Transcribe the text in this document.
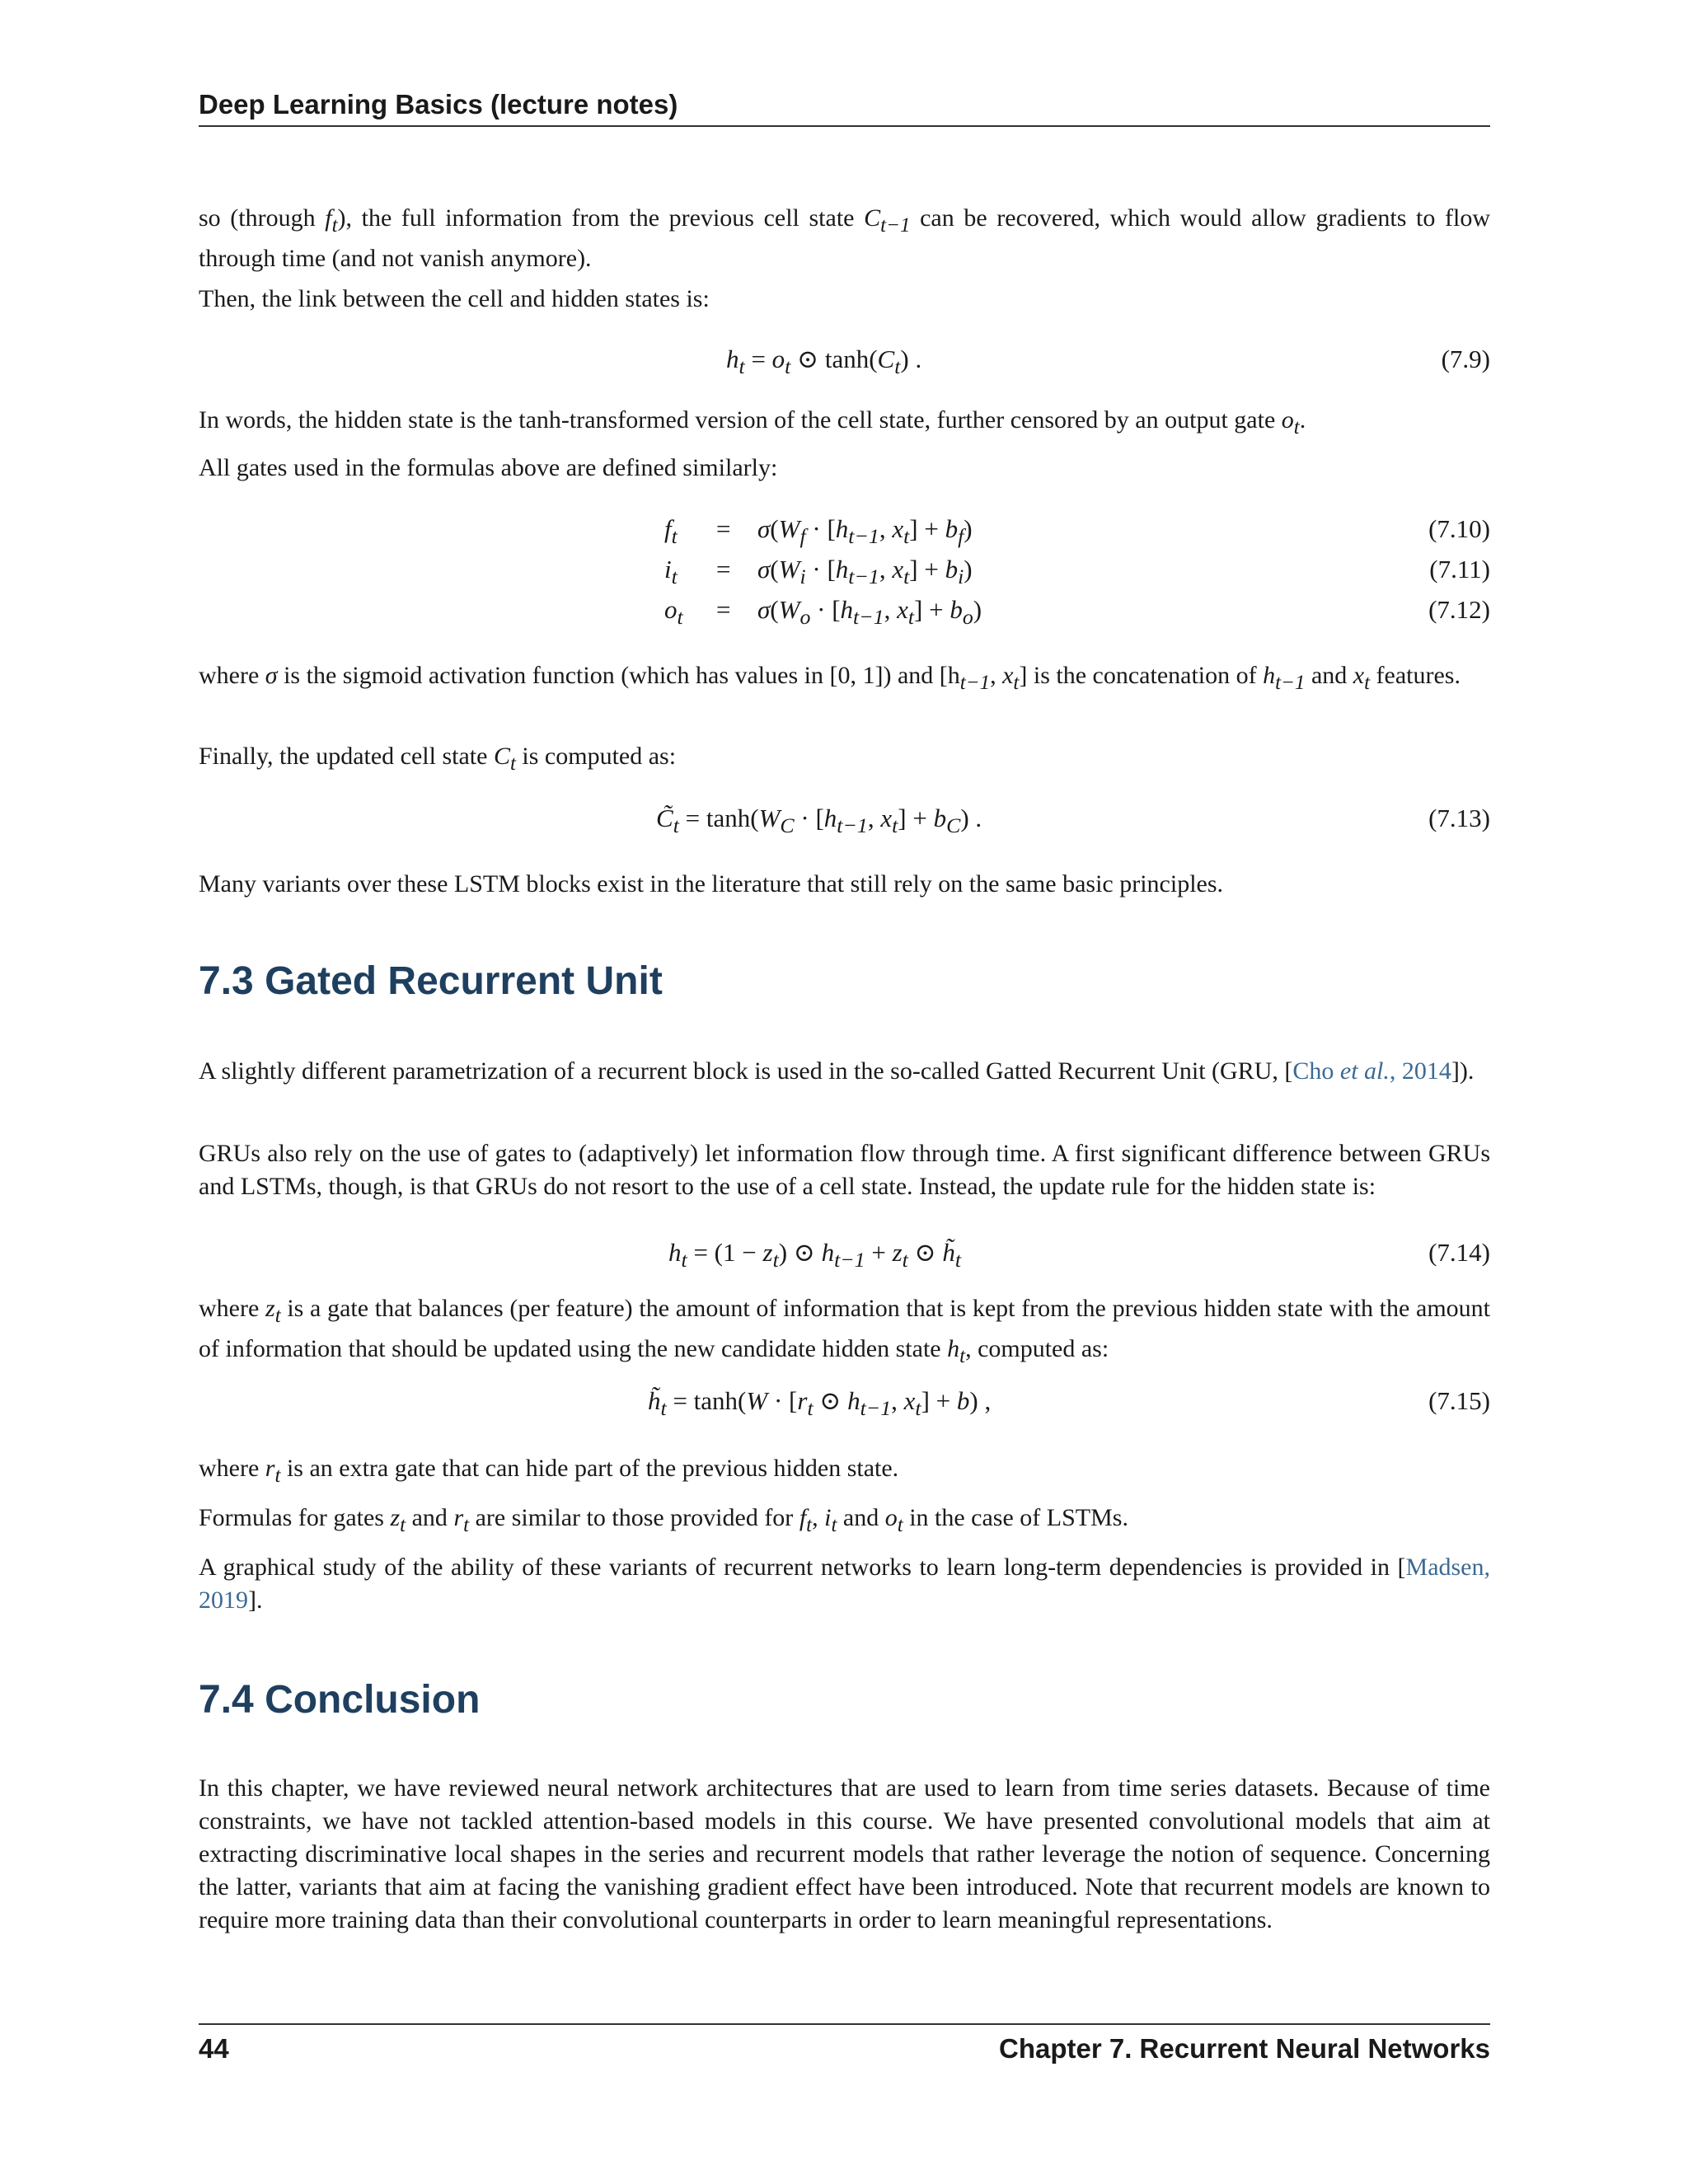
Deep Learning Basics (lecture notes)
so (through $f_t$), the full information from the previous cell state $C_{t-1}$ can be recovered, which would allow gradients to flow through time (and not vanish anymore).
Then, the link between the cell and hidden states is:
$h_t = o_t$ ⊙ $\tanh(C_t)$ .	(7.9)
In words, the hidden state is the tanh-transformed version of the cell state, further censored by an output gate $o_t$.
All gates used in the formulas above are defined similarly:
$f_t = \sigma(W_f \cdot [h_{t-1}$, $x_t] + b_f$)	(7.10)
$i_t = \sigma(W_i \cdot [h_{t-1}$, $x_t] + b_i$)	(7.11)
$o_t = \sigma(W_o \cdot [h_{t-1}$, $x_t] + b_o$)	(7.12)
where σ is the sigmoid activation function (which has values in [0, 1]) and [$h_{t-1}$, $x_t$] is the concatenation of $h_{t-1}$ and $x_t$ features.
Finally, the updated cell state $C_t$ is computed as:
$C̃_t = \tanh(W_C \cdot [h_{t-1}$, $x_t] + b_C$) .	(7.13)
Many variants over these LSTM blocks exist in the literature that still rely on the same basic principles.
7.3 Gated Recurrent Unit
A slightly different parametrization of a recurrent block is used in the so-called Gatted Recurrent Unit (GRU, [Cho et al., 2014]).
GRUs also rely on the use of gates to (adaptively) let information flow through time. A first significant difference between GRUs and LSTMs, though, is that GRUs do not resort to the use of a cell state. Instead, the update rule for the hidden state is:
$h_t = (1 - z_t)$ ⊙ $h_{t-1} + z_t$ ⊙ $h̃_t$	(7.14)
where $z_t$ is a gate that balances (per feature) the amount of information that is kept from the previous hidden state with the amount of information that should be updated using the new candidate hidden state $h_t$, computed as:
$h̃_t = \tanh(W \cdot [r_t$ ⊙ $h_{t-1}$, $x_t] + b$) ,	(7.15)
where $r_t$ is an extra gate that can hide part of the previous hidden state.
Formulas for gates $z_t$ and $r_t$ are similar to those provided for $f_t$, $i_t$ and $o_t$ in the case of LSTMs.
A graphical study of the ability of these variants of recurrent networks to learn long-term dependencies is provided in [Madsen, 2019].
7.4 Conclusion
In this chapter, we have reviewed neural network architectures that are used to learn from time series datasets. Because of time constraints, we have not tackled attention-based models in this course. We have presented convolutional models that aim at extracting discriminative local shapes in the series and recurrent models that rather leverage the notion of sequence. Concerning the latter, variants that aim at facing the vanishing gradient effect have been introduced. Note that recurrent models are known to require more training data than their convolutional counterparts in order to learn meaningful representations.
44	Chapter 7. Recurrent Neural Networks
